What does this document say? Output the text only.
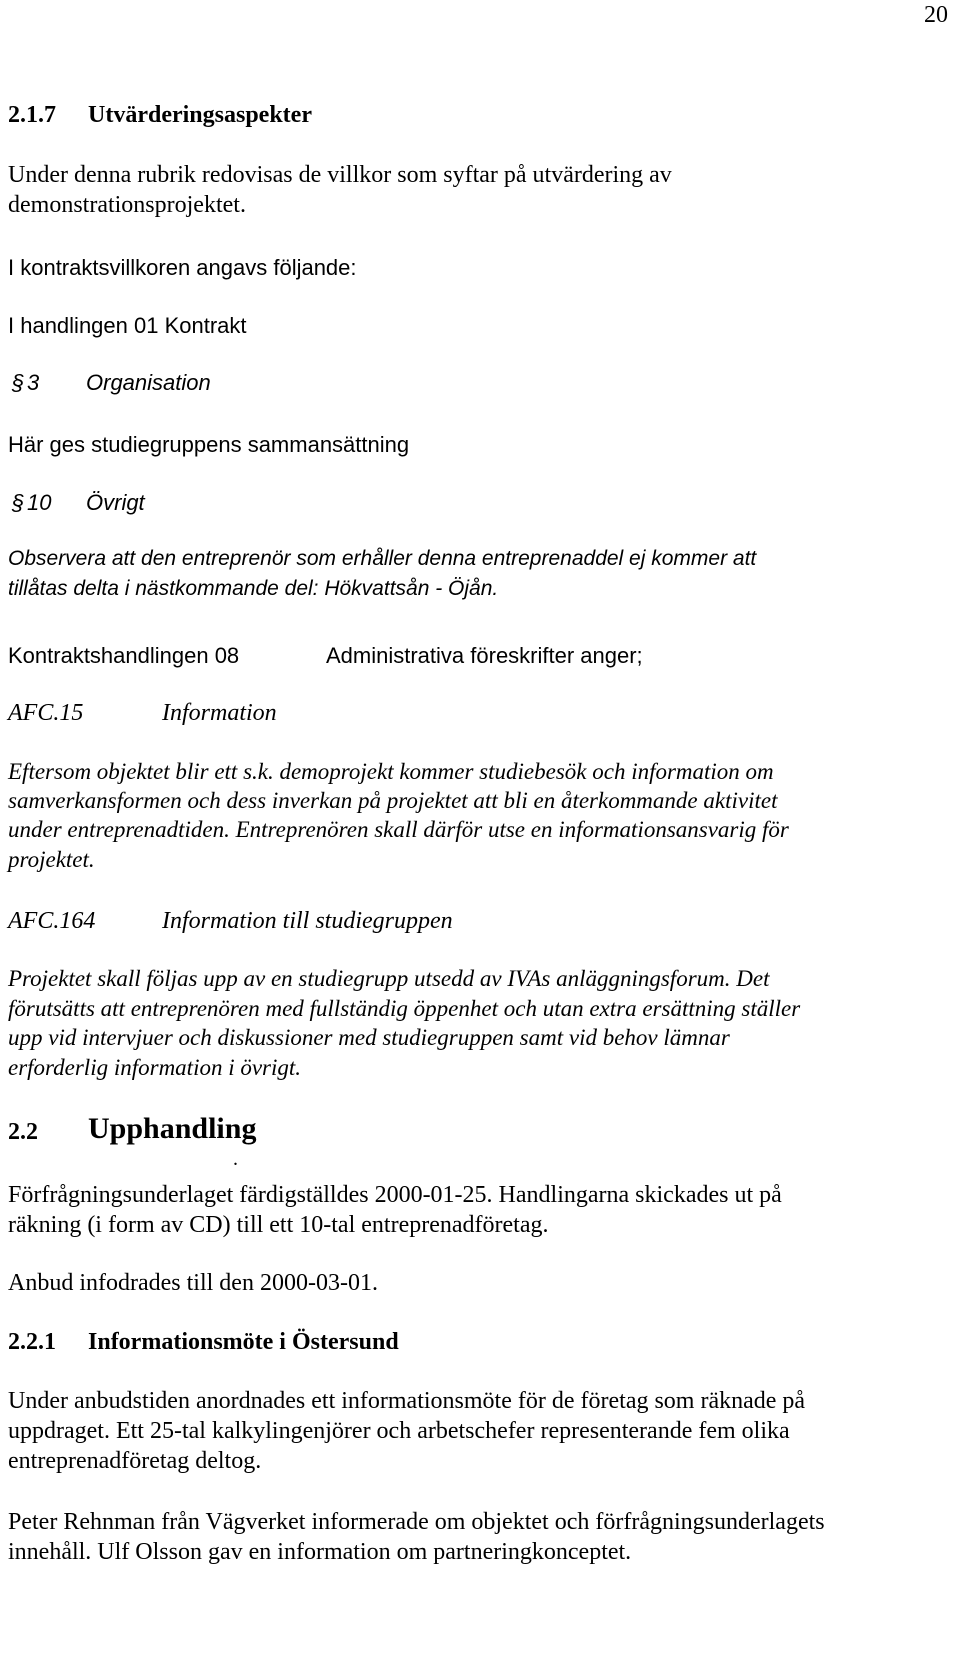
20
2.1.7 Utvärderingsaspekter
Under denna rubrik redovisas de villkor som syftar på utvärdering av demonstrationsprojektet.
I kontraktsvillkoren angavs följande:
I handlingen 01 Kontrakt
§ 3 Organisation
Här ges studiegruppens sammansättning
§ 10 Övrigt
Observera att den entreprenör som erhåller denna entreprenaddel ej kommer att
tillåtas delta i nästkommande del: Hökvattsån - Öjån.
Kontraktshandlingen 08	Administrativa föreskrifter anger;
AFC.15	Information
Eftersom objektet blir ett s.k. demoprojekt kommer studiebesök och information om
samverkansformen och dess inverkan på projektet att bli en återkommande aktivitet
under entreprenadtiden. Entreprenören skall därför utse en informationsansvarig för
projektet.
AFC.164	Information till studiegruppen
Projektet skall följas upp av en studiegrupp utsedd av IVAs anläggningsforum. Det
förutsätts att entreprenören med fullständig öppenhet och utan extra ersättning ställer
upp vid intervjuer och diskussioner med studiegruppen samt vid behov lämnar
erforderlig information i övrigt.
2.2 Upphandling
.
Förfrågningsunderlaget färdigställdes 2000-01-25. Handlingarna skickades ut på
räkning (i form av CD) till ett 10-tal entreprenadföretag.
Anbud infodrades till den 2000-03-01.
2.2.1 Informationsmöte i Östersund
Under anbudstiden anordnades ett informationsmöte för de företag som räknade på
uppdraget. Ett 25-tal kalkylingenjörer och arbetschefer representerande fem olika
entreprenadföretag deltog.
Peter Rehnman från Vägverket informerade om objektet och förfrågningsunderlagets
innehåll. Ulf Olsson gav en information om partneringkonceptet.
